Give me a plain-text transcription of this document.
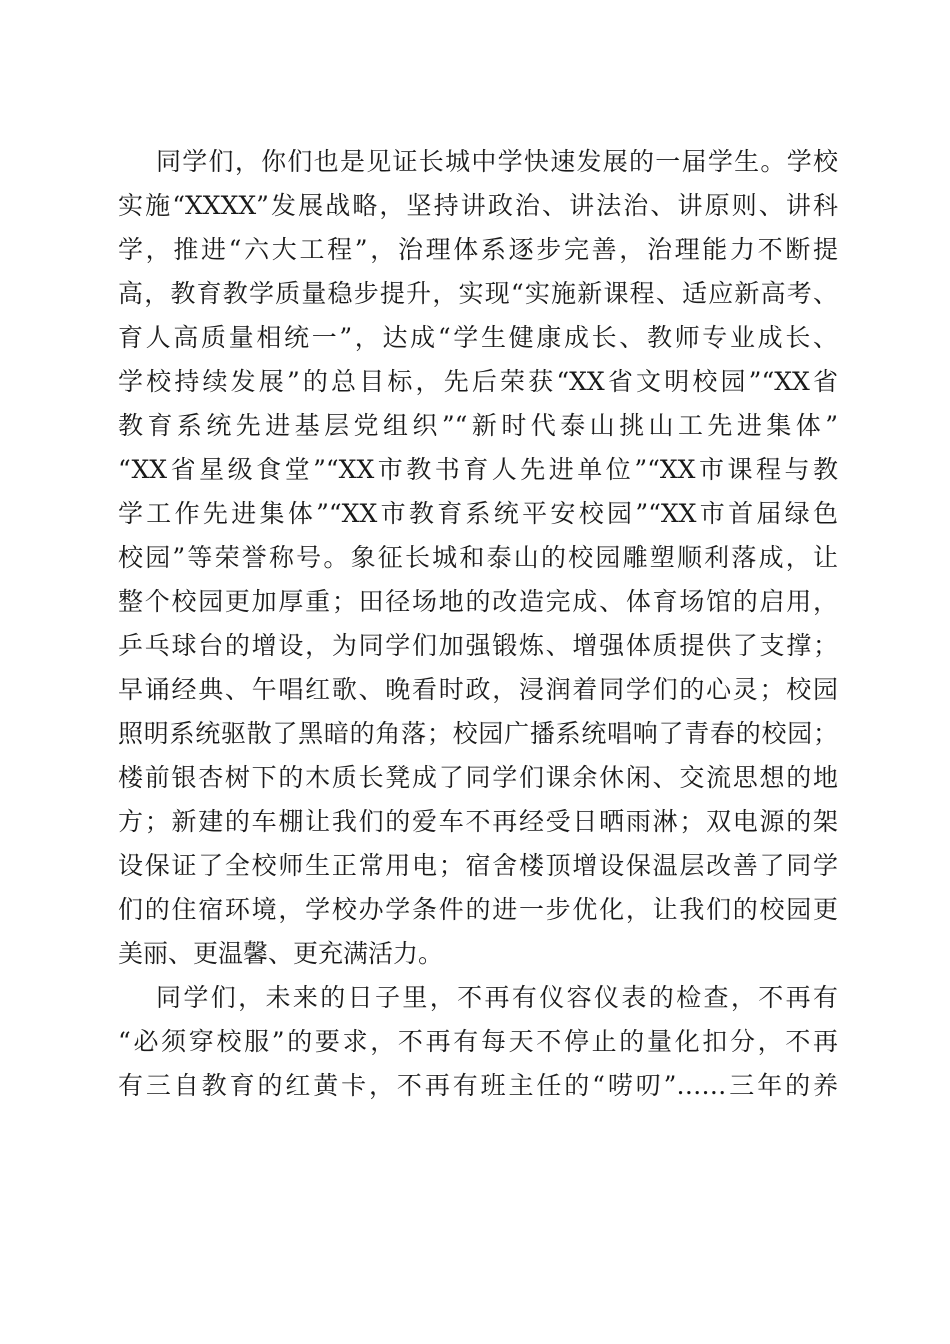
同学们，你们也是见证长城中学快速发展的一届学生。学校
实施“XXXX”发展战略，坚持讲政治、讲法治、讲原则、讲科
学，推进“六大工程”，治理体系逐步完善，治理能力不断提
高，教育教学质量稳步提升，实现“实施新课程、适应新高考、
育人高质量相统一”，达成“学生健康成长、教师专业成长、
学校持续发展”的总目标，先后荣获“XX省文明校园”“XX省
教育系统先进基层党组织”“新时代泰山挑山工先进集体”
“XX省星级食堂”“XX市教书育人先进单位”“XX市课程与教
学工作先进集体”“XX市教育系统平安校园”“XX市首届绿色
校园”等荣誉称号。象征长城和泰山的校园雕塑顺利落成，让
整个校园更加厚重；田径场地的改造完成、体育场馆的启用，
乒乓球台的增设，为同学们加强锻炼、增强体质提供了支撑；
早诵经典、午唱红歌、晚看时政，浸润着同学们的心灵；校园
照明系统驱散了黑暗的角落；校园广播系统唱响了青春的校园；
楼前银杏树下的木质长凳成了同学们课余休闲、交流思想的地
方；新建的车棚让我们的爱车不再经受日晒雨淋；双电源的架
设保证了全校师生正常用电；宿舍楼顶增设保温层改善了同学
们的住宿环境，学校办学条件的进一步优化，让我们的校园更
美丽、更温馨、更充满活力。
同学们，未来的日子里，不再有仪容仪表的检查，不再有
“必须穿校服”的要求，不再有每天不停止的量化扣分，不再
有三自教育的红黄卡，不再有班主任的“唠叨”……三年的养
